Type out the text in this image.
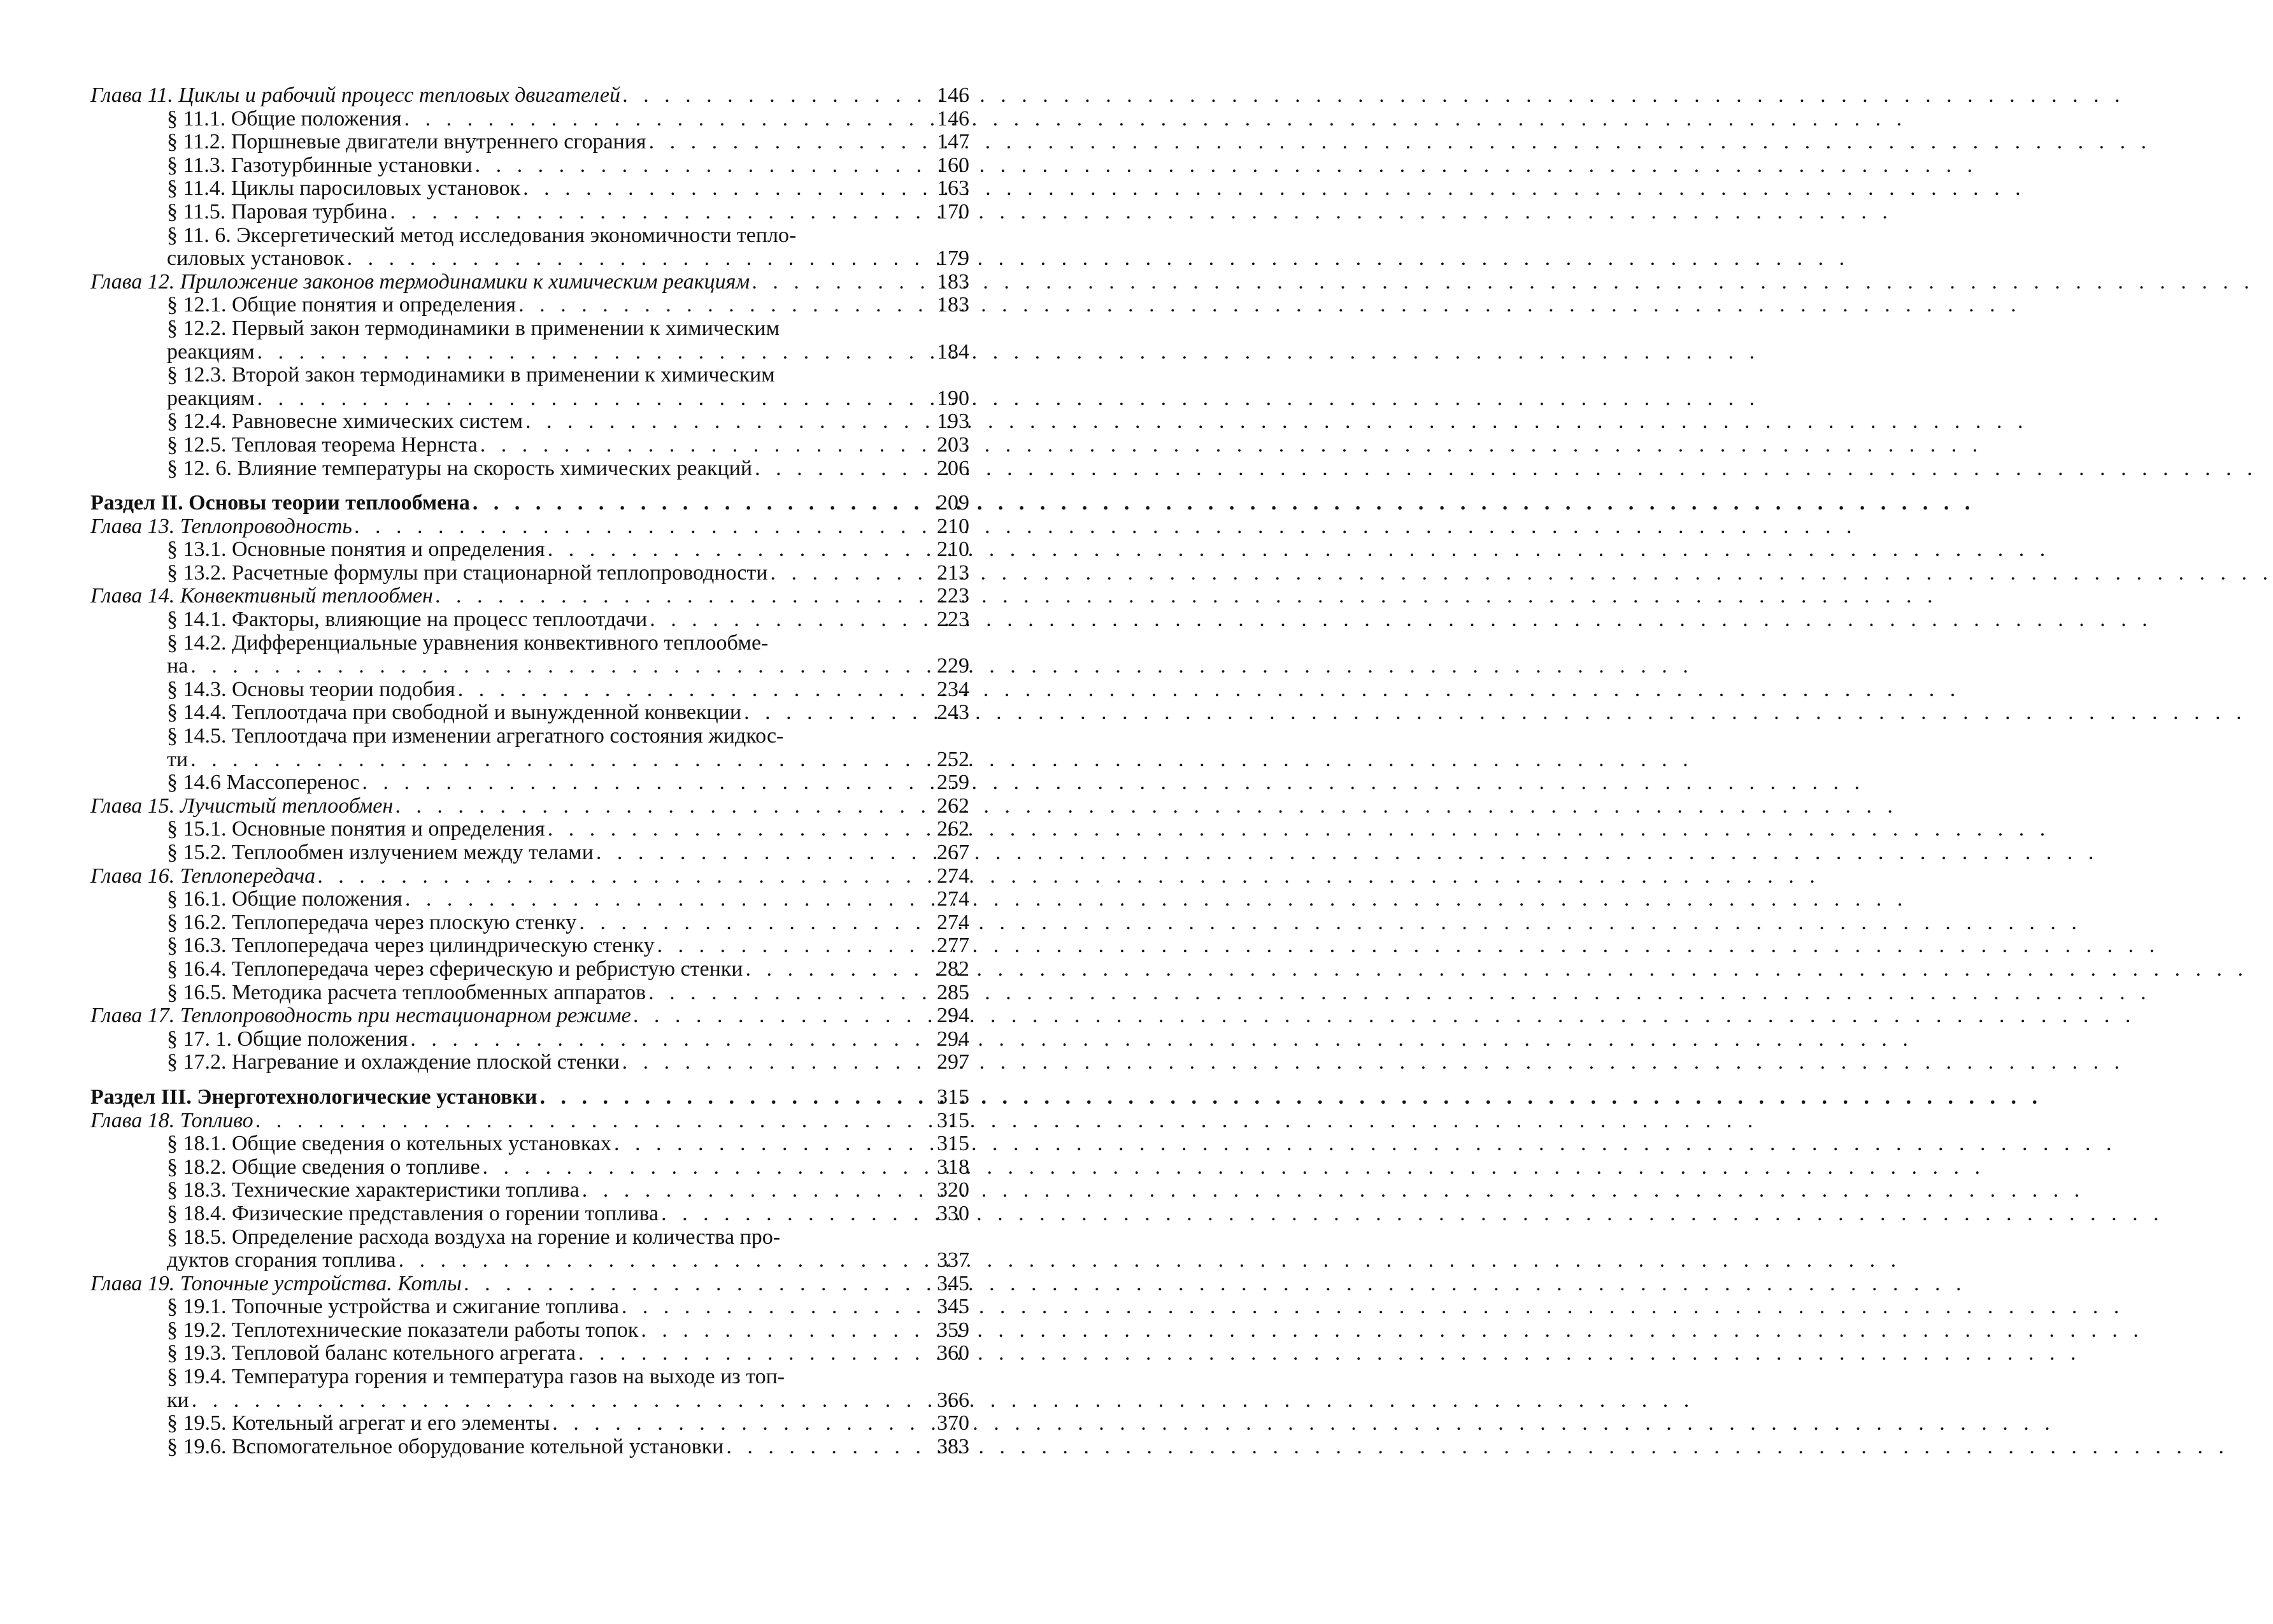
Глава 11. Циклы и рабочий процесс тепловых двигателей . . .	146
§ 11.1. Общие положения . . .	146
§ 11.2. Поршневые двигатели внутреннего сгорания . . .	147
§ 11.3. Газотурбинные установки . . .	160
§ 11.4. Циклы паросиловых установок . . .	163
§ 11.5. Паровая турбина . . .	170
§ 11. 6. Эксергетический метод исследования экономичности тепло-
силовых установок . . .	179
Глава 12. Приложение законов термодинамики к химическим реакциям . . .	183
§ 12.1. Общие понятия и определения . . .	183
§ 12.2. Первый закон термодинамики в применении к химическим
реакциям . . .	184
§ 12.3. Второй закон термодинамики в применении к химическим
реакциям . . .	190
§ 12.4. Равновесне химических систем . . .	193
§ 12.5. Тепловая теорема Нернста . . .	203
§ 12. 6. Влияние температуры на скорость химических реакций . . .	206
Раздел II. Основы теории теплообмена . . .	209
Глава 13. Теплопроводность . . .	210
§ 13.1. Основные понятия и определения . . .	210
§ 13.2. Расчетные формулы при стационарной теплопроводности . . .	213
Глава 14. Конвективный теплообмен . . .	223
§ 14.1. Факторы, влияющие на процесс теплоотдачи . . .	223
§ 14.2. Дифференциальные уравнения конвективного теплообме-
на . . .	229
§ 14.3. Основы теории подобия . . .	234
§ 14.4. Теплоотдача при свободной и вынужденной конвекции . . .	243
§ 14.5. Теплоотдача при изменении агрегатного состояния жидкос-
ти . . .	252
§ 14.6 Массоперенос . . .	259
Глава 15. Лучистый теплообмен . . .	262
§ 15.1. Основные понятия и определения . . .	262
§ 15.2. Теплообмен излучением между телами . . .	267
Глава 16. Теплопередача . . .	274
§ 16.1. Общие положения . . .	274
§ 16.2. Теплопередача через плоскую стенку . . .	274
§ 16.3. Теплопередача через цилиндрическую стенку . . .	277
§ 16.4. Теплопередача через сферическую и ребристую стенки . . .	282
§ 16.5. Методика расчета теплообменных аппаратов . . .	285
Глава 17. Теплопроводность при нестационарном режиме . . .	294
§ 17. 1. Общие положения . . .	294
§ 17.2. Нагревание и охлаждение плоской стенки . . .	297
Раздел III. Энерготехнологические установки . . .	315
Глава 18. Топливо . . .	315
§ 18.1. Общие сведения о котельных установках . . .	315
§ 18.2. Общие сведения о топливе . . .	318
§ 18.3. Технические характеристики топлива . . .	320
§ 18.4. Физические представления о горении топлива . . .	330
§ 18.5. Определение расхода воздуха на горение и количества про-
дуктов сгорания топлива . . .	337
Глава 19. Топочные устройства. Котлы . . .	345
§ 19.1. Топочные устройства и сжигание топлива . . .	345
§ 19.2. Теплотехнические показатели работы топок . . .	359
§ 19.3. Тепловой баланс котельного агрегата . . .	360
§ 19.4. Температура горения и температура газов на выходе из топ-
ки . . .	366
§ 19.5. Котельный агрегат и его элементы . . .	370
§ 19.6. Вспомогательное оборудование котельной установки . . .	383
